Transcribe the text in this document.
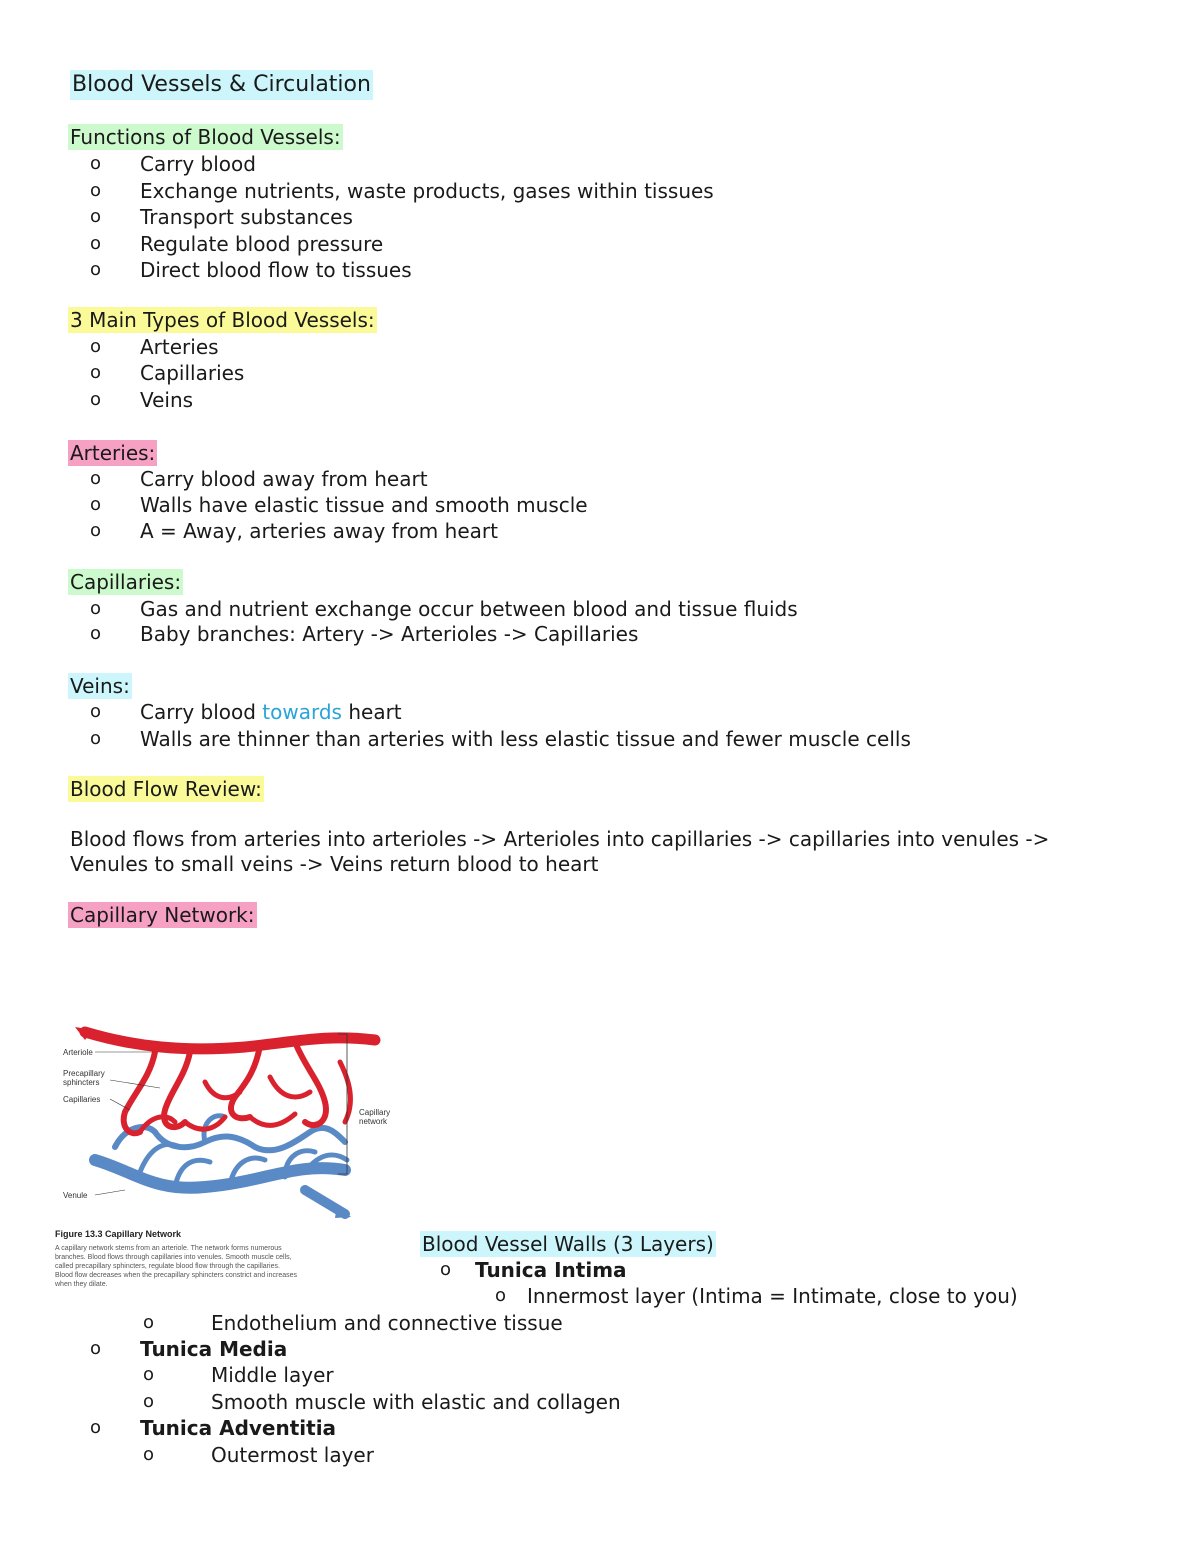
Blood Vessels & Circulation
Functions of Blood Vessels:
o Carry blood
o Exchange nutrients, waste products, gases within tissues
o Transport substances
o Regulate blood pressure
o Direct blood flow to tissues
3 Main Types of Blood Vessels:
o Arteries
o Capillaries
o Veins
Arteries:
o Carry blood away from heart
o Walls have elastic tissue and smooth muscle
o A = Away, arteries away from heart
Capillaries:
o Gas and nutrient exchange occur between blood and tissue fluids
o Baby branches: Artery -> Arterioles -> Capillaries
Veins:
o Carry blood towards heart
o Walls are thinner than arteries with less elastic tissue and fewer muscle cells
Blood Flow Review:
Blood flows from arteries into arterioles -> Arterioles into capillaries -> capillaries into venules ->
Venules to small veins -> Veins return blood to heart
Capillary Network:
Arteriole
Precapillary
sphincters
Capillaries
Capillary
network
Venule
Figure 13.3 Capillary Network
A capillary network stems from an arteriole. The network forms numerous
branches. Blood flows through capillaries into venules. Smooth muscle cells,
called precapillary sphincters, regulate blood flow through the capillaries.
Blood flow decreases when the precapillary sphincters constrict and increases
when they dilate.
Blood Vessel Walls (3 Layers)
o Tunica Intima
o Innermost layer (Intima = Intimate, close to you)
o	Endothelium and connective tissue
o Tunica Media
o	Middle layer
o	Smooth muscle with elastic and collagen
o Tunica Adventitia
o	Outermost layer
